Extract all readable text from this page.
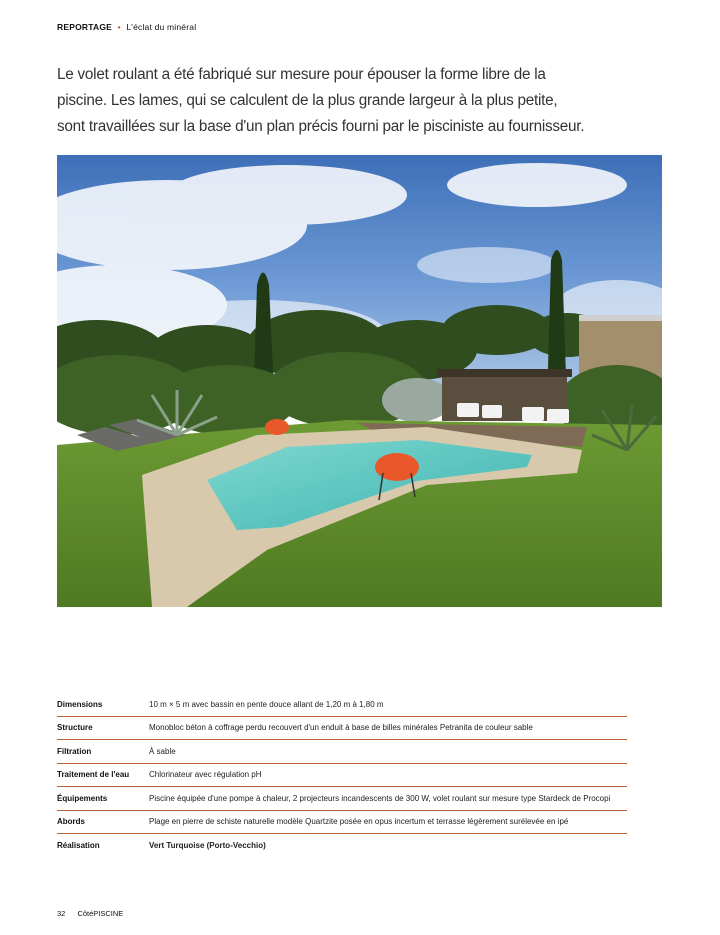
REPORTAGE • L'éclat du minéral

Le volet roulant a été fabriqué sur mesure pour épouser la forme libre de la

piscine. Les lames, qui se calculent de la plus grande largeur à la plus petite,

sont travaillées sur la base d'un plan précis fourni par le pisciniste au fournisseur.

Dimensions	10 m × 5 m avec bassin en pente douce allant de 1,20 m à 1,80 m
Structure	Monobloc béton à coffrage perdu recouvert d'un enduit à base de billes minérales Petranita de couleur sable
Filtration	À sable
Traitement de l'eau	Chlorinateur avec régulation pH
Équipements	Piscine équipée d'une pompe à chaleur, 2 projecteurs incandescents de 300 W, volet roulant sur mesure type Stardeck de Procopi
Abords	Plage en pierre de schiste naturelle modèle Quartzite posée en opus incertum et terrasse légèrement surélevée en ipé
Réalisation	Vert Turquoise (Porto-Vecchio)
32 CôtéPISCINE
